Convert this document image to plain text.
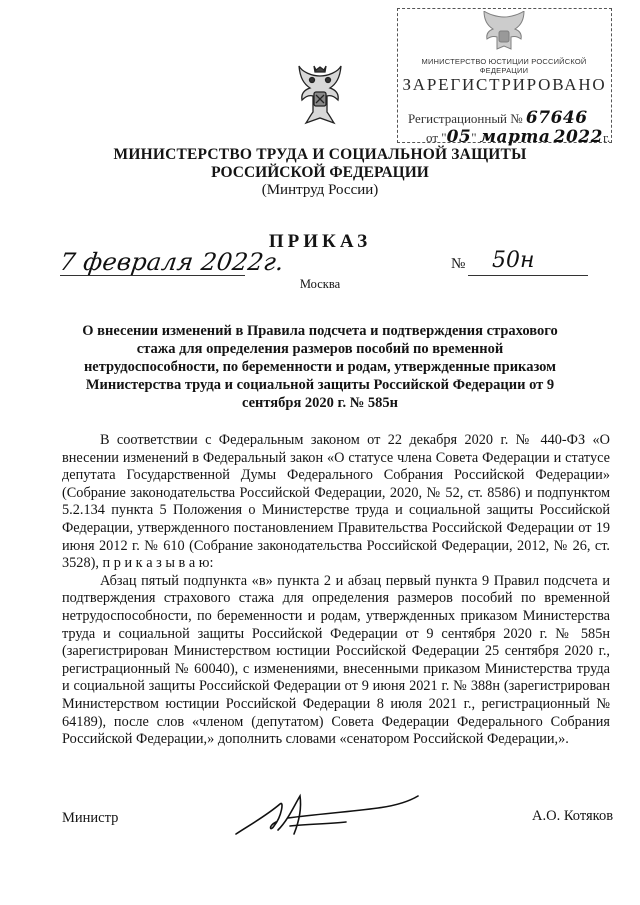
МИНИСТЕРСТВО ЮСТИЦИИ РОССИЙСКОЙ ФЕДЕРАЦИИ
ЗАРЕГИСТРИРОВАНО
Регистрационный № 67646
от "05" марта 2022г.
МИНИСТЕРСТВО ТРУДА И СОЦИАЛЬНОЙ ЗАЩИТЫ
РОССИЙСКОЙ ФЕДЕРАЦИИ
(Минтруд России)
ПРИКАЗ
7 февраля 2022г.	№ 50н
Москва
О внесении изменений в Правила подсчета и подтверждения страхового стажа для определения размеров пособий по временной нетрудоспособности, по беременности и родам, утвержденные приказом Министерства труда и социальной защиты Российской Федерации от 9 сентября 2020 г. № 585н

В соответствии с Федеральным законом от 22 декабря 2020 г. № 440-ФЗ «О внесении изменений в Федеральный закон «О статусе члена Совета Федерации и статусе депутата Государственной Думы Федерального Собрания Российской Федерации» (Собрание законодательства Российской Федерации, 2020, № 52, ст. 8586) и подпунктом 5.2.134 пункта 5 Положения о Министерстве труда и социальной защиты Российской Федерации, утвержденного постановлением Правительства Российской Федерации от 19 июня 2012 г. № 610 (Собрание законодательства Российской Федерации, 2012, № 26, ст. 3528), п р и к а з ы в а ю:

Абзац пятый подпункта «в» пункта 2 и абзац первый пункта 9 Правил подсчета и подтверждения страхового стажа для определения размеров пособий по временной нетрудоспособности, по беременности и родам, утвержденных приказом Министерства труда и социальной защиты Российской Федерации от 9 сентября 2020 г. № 585н (зарегистрирован Министерством юстиции Российской Федерации 25 сентября 2020 г., регистрационный № 60040), с изменениями, внесенными приказом Министерства труда и социальной защиты Российской Федерации от 9 июня 2021 г. № 388н (зарегистрирован Министерством юстиции Российской Федерации 8 июля 2021 г., регистрационный № 64189), после слов «членом (депутатом) Совета Федерации Федерального Собрания Российской Федерации,» дополнить словами «сенатором Российской Федерации,».

Министр	А.О. Котяков
